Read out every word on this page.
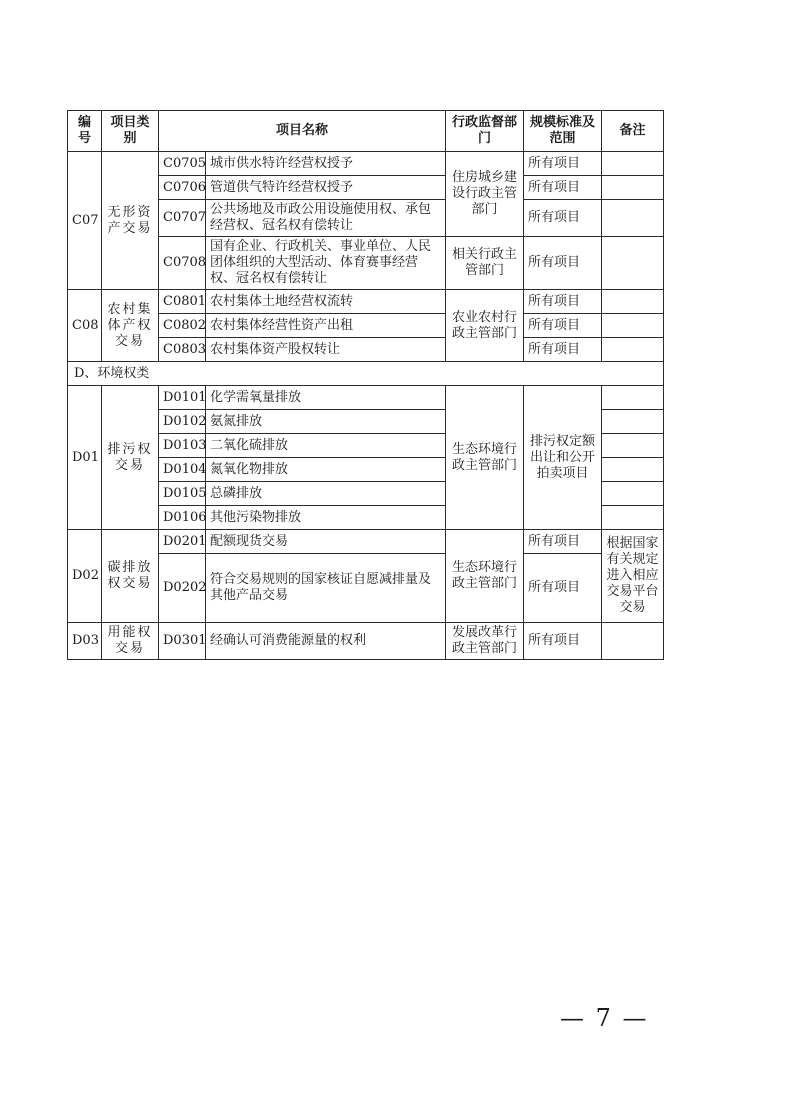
编号	项目类别	项目名称		行政监督部门	规模标准及范围	备注
C07	无形资产交易	C0705	城市供水特许经营权授予	住房城乡建设行政主管部门	所有项目	
		C0706	管道供气特许经营权授予		所有项目	
		C0707	公共场地及市政公用设施使用权、承包经营权、冠名权有偿转让		所有项目	
		C0708	国有企业、行政机关、事业单位、人民团体组织的大型活动、体育赛事经营权、冠名权有偿转让	相关行政主管部门	所有项目	
C08	农村集体产权交易	C0801	农村集体土地经营权流转	农业农村行政主管部门	所有项目	
		C0802	农村集体经营性资产出租		所有项目	
		C0803	农村集体资产股权转让		所有项目	
D、环境权类						
D01	排污权交易	D0101	化学需氧量排放	生态环境行政主管部门	排污权定额出让和公开拍卖项目	
		D0102	氨氮排放			
		D0103	二氧化硫排放			
		D0104	氮氧化物排放			
		D0105	总磷排放			
		D0106	其他污染物排放			
D02	碳排放权交易	D0201	配额现货交易	生态环境行政主管部门	所有项目	根据国家有关规定进入相应交易平台交易
		D0202	符合交易规则的国家核证自愿减排量及其他产品交易		所有项目	
D03	用能权交易	D0301	经确认可消费能源量的权利	发展改革行政主管部门	所有项目	
— 7 —
